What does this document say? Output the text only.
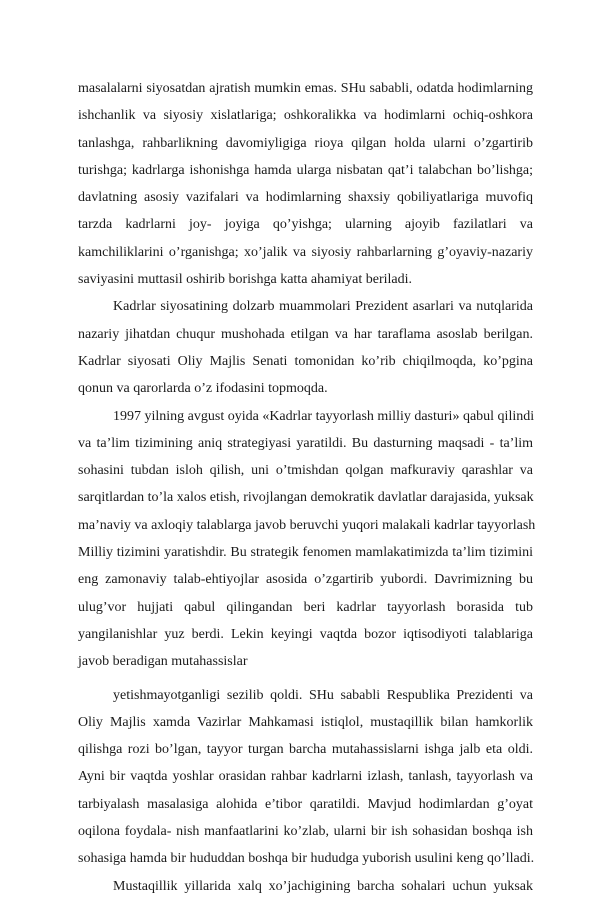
masalalarni siyosatdan ajratish mumkin emas. SHu sababli, odatda hodimlarning
ishchanlik va siyosiy xislatlariga; oshkoralikka va hodimlarni ochiq-oshkora
tanlashga, rahbarlikning davomiyligiga rioya qilgan holda ularni o’zgartirib
turishga; kadrlarga ishonishga hamda ularga nisbatan qat’i talabchan bo’lishga;
davlatning asosiy vazifalari va hodimlarning shaxsiy qobiliyatlariga muvofiq
tarzda kadrlarni joy- joyiga qo’yishga; ularning ajoyib fazilatlari va
kamchiliklarini o’rganishga; xo’jalik va siyosiy rahbarlarning g’oyaviy-nazariy
saviyasini muttasil oshirib borishga katta ahamiyat beriladi.
Kadrlar siyosatining dolzarb muammolari Prezident asarlari va nutqlarida
nazariy jihatdan chuqur mushohada etilgan va har taraflama asoslab berilgan.
Kadrlar siyosati Oliy Majlis Senati tomonidan ko’rib chiqilmoqda, ko’pgina
qonun va qarorlarda o’z ifodasini topmoqda.
1997 yilning avgust oyida «Kadrlar tayyorlash milliy dasturi» qabul qilindi
va ta’lim tizimining aniq strategiyasi yaratildi. Bu dasturning maqsadi - ta’lim
sohasini tubdan isloh qilish, uni o’tmishdan qolgan mafkuraviy qarashlar va
sarqitlardan to’la xalos etish, rivojlangan demokratik davlatlar darajasida, yuksak
ma’naviy va axloqiy talablarga javob beruvchi yuqori malakali kadrlar tayyorlash
Milliy tizimini yaratishdir. Bu strategik fenomen mamlakatimizda ta’lim tizimini
eng zamonaviy talab-ehtiyojlar asosida o’zgartirib yubordi. Davrimizning bu
ulug’vor hujjati qabul qilingandan beri kadrlar tayyorlash borasida tub
yangilanishlar yuz berdi. Lekin keyingi vaqtda bozor iqtisodiyoti talablariga
javob beradigan mutahassislar
yetishmayotganligi sezilib qoldi. SHu sababli Respublika Prezidenti va
Oliy Majlis xamda Vazirlar Mahkamasi istiqlol, mustaqillik bilan hamkorlik
qilishga rozi bo’lgan, tayyor turgan barcha mutahassislarni ishga jalb eta oldi.
Ayni bir vaqtda yoshlar orasidan rahbar kadrlarni izlash, tanlash, tayyorlash va
tarbiyalash masalasiga alohida e’tibor qaratildi. Mavjud hodimlardan g’oyat
oqilona foydala- nish manfaatlarini ko’zlab, ularni bir ish sohasidan boshqa ish
sohasiga hamda bir hududdan boshqa bir hududga yuborish usulini keng qo’lladi.
Mustaqillik yillarida xalq xo’jachigining barcha sohalari uchun yuksak
